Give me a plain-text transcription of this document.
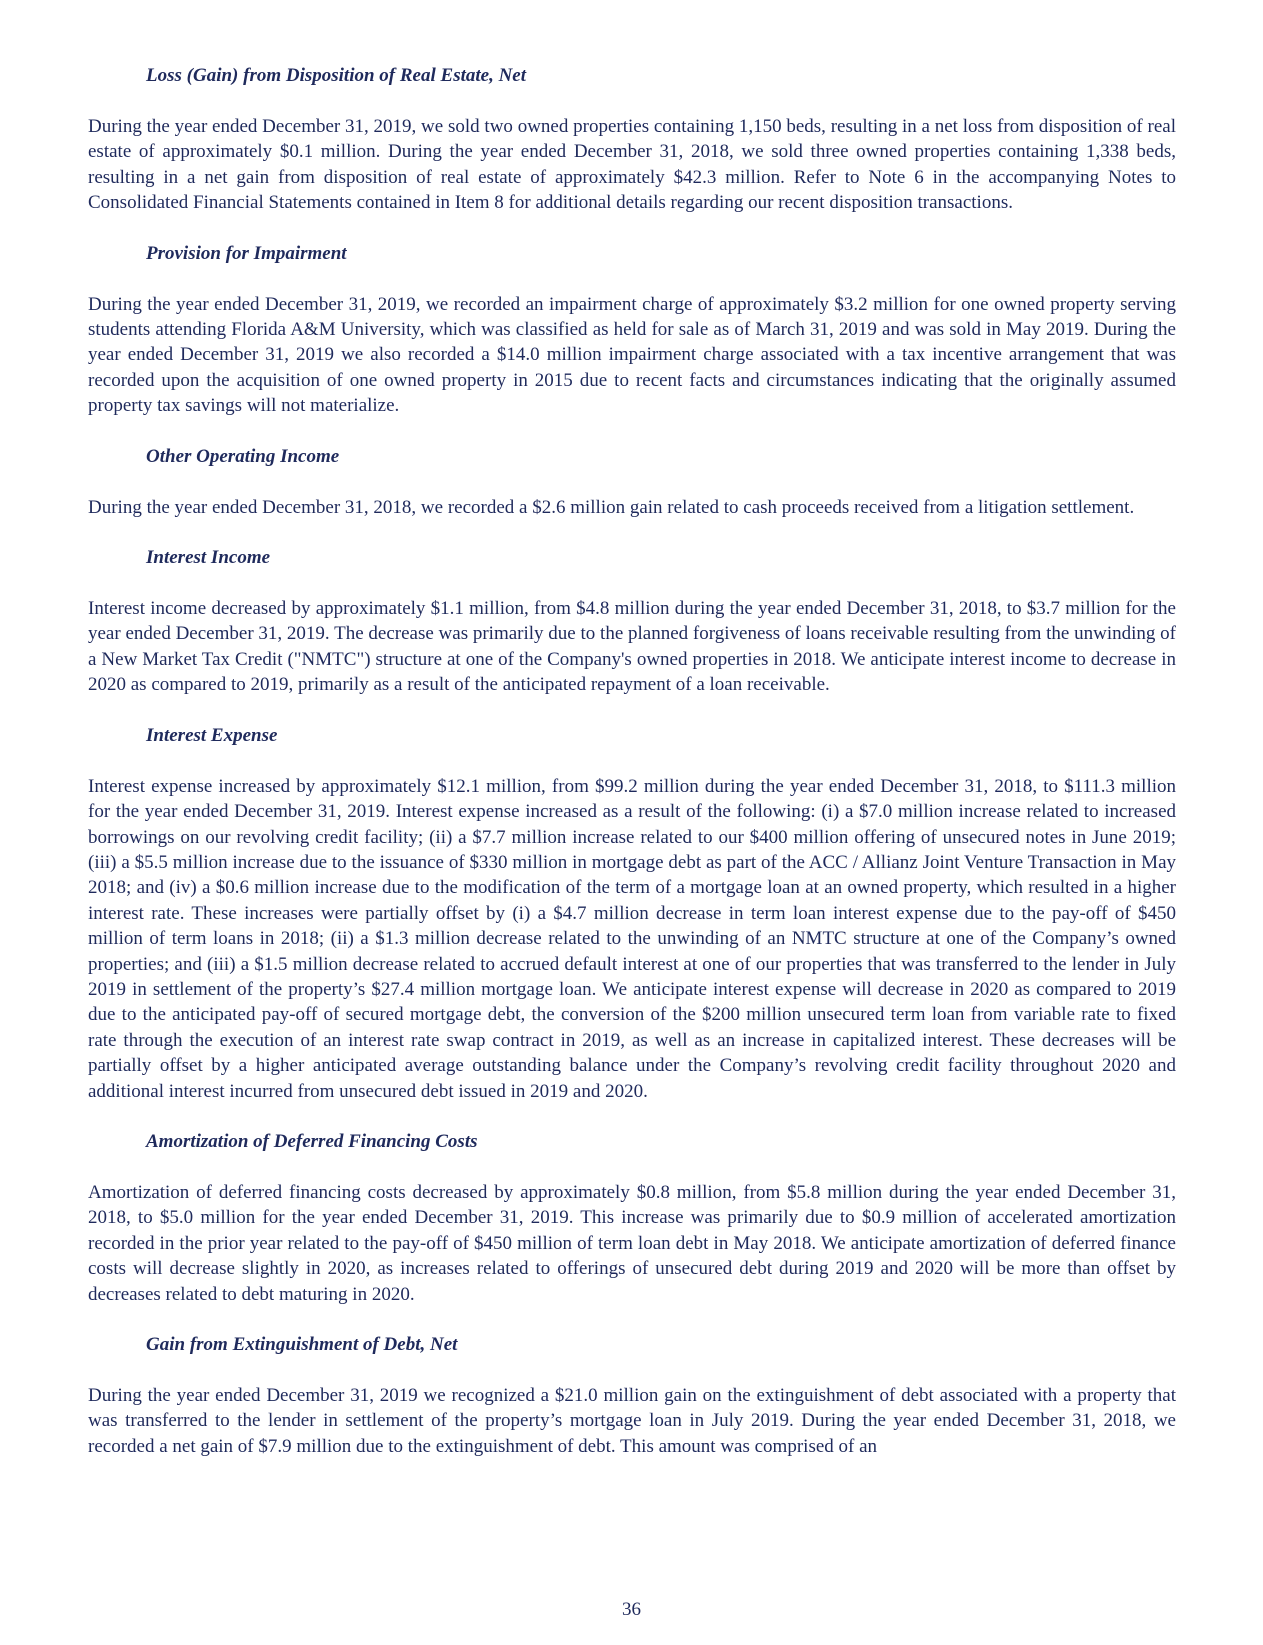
Loss (Gain) from Disposition of Real Estate, Net
During the year ended December 31, 2019, we sold two owned properties containing 1,150 beds, resulting in a net loss from disposition of real estate of approximately $0.1 million. During the year ended December 31, 2018, we sold three owned properties containing 1,338 beds, resulting in a net gain from disposition of real estate of approximately $42.3 million. Refer to Note 6 in the accompanying Notes to Consolidated Financial Statements contained in Item 8 for additional details regarding our recent disposition transactions.
Provision for Impairment
During the year ended December 31, 2019, we recorded an impairment charge of approximately $3.2 million for one owned property serving students attending Florida A&M University, which was classified as held for sale as of March 31, 2019 and was sold in May 2019. During the year ended December 31, 2019 we also recorded a $14.0 million impairment charge associated with a tax incentive arrangement that was recorded upon the acquisition of one owned property in 2015 due to recent facts and circumstances indicating that the originally assumed property tax savings will not materialize.
Other Operating Income
During the year ended December 31, 2018, we recorded a $2.6 million gain related to cash proceeds received from a litigation settlement.
Interest Income
Interest income decreased by approximately $1.1 million, from $4.8 million during the year ended December 31, 2018, to $3.7 million for the year ended December 31, 2019. The decrease was primarily due to the planned forgiveness of loans receivable resulting from the unwinding of a New Market Tax Credit ("NMTC") structure at one of the Company's owned properties in 2018. We anticipate interest income to decrease in 2020 as compared to 2019, primarily as a result of the anticipated repayment of a loan receivable.
Interest Expense
Interest expense increased by approximately $12.1 million, from $99.2 million during the year ended December 31, 2018, to $111.3 million for the year ended December 31, 2019. Interest expense increased as a result of the following: (i) a $7.0 million increase related to increased borrowings on our revolving credit facility; (ii) a $7.7 million increase related to our $400 million offering of unsecured notes in June 2019; (iii) a $5.5 million increase due to the issuance of $330 million in mortgage debt as part of the ACC / Allianz Joint Venture Transaction in May 2018; and (iv) a $0.6 million increase due to the modification of the term of a mortgage loan at an owned property, which resulted in a higher interest rate. These increases were partially offset by (i) a $4.7 million decrease in term loan interest expense due to the pay-off of $450 million of term loans in 2018; (ii) a $1.3 million decrease related to the unwinding of an NMTC structure at one of the Company’s owned properties; and (iii) a $1.5 million decrease related to accrued default interest at one of our properties that was transferred to the lender in July 2019 in settlement of the property’s $27.4 million mortgage loan. We anticipate interest expense will decrease in 2020 as compared to 2019 due to the anticipated pay-off of secured mortgage debt, the conversion of the $200 million unsecured term loan from variable rate to fixed rate through the execution of an interest rate swap contract in 2019, as well as an increase in capitalized interest. These decreases will be partially offset by a higher anticipated average outstanding balance under the Company’s revolving credit facility throughout 2020 and additional interest incurred from unsecured debt issued in 2019 and 2020.
Amortization of Deferred Financing Costs
Amortization of deferred financing costs decreased by approximately $0.8 million, from $5.8 million during the year ended December 31, 2018, to $5.0 million for the year ended December 31, 2019. This increase was primarily due to $0.9 million of accelerated amortization recorded in the prior year related to the pay-off of $450 million of term loan debt in May 2018. We anticipate amortization of deferred finance costs will decrease slightly in 2020, as increases related to offerings of unsecured debt during 2019 and 2020 will be more than offset by decreases related to debt maturing in 2020.
Gain from Extinguishment of Debt, Net
During the year ended December 31, 2019 we recognized a $21.0 million gain on the extinguishment of debt associated with a property that was transferred to the lender in settlement of the property’s mortgage loan in July 2019. During the year ended December 31, 2018, we recorded a net gain of $7.9 million due to the extinguishment of debt. This amount was comprised of an
36
